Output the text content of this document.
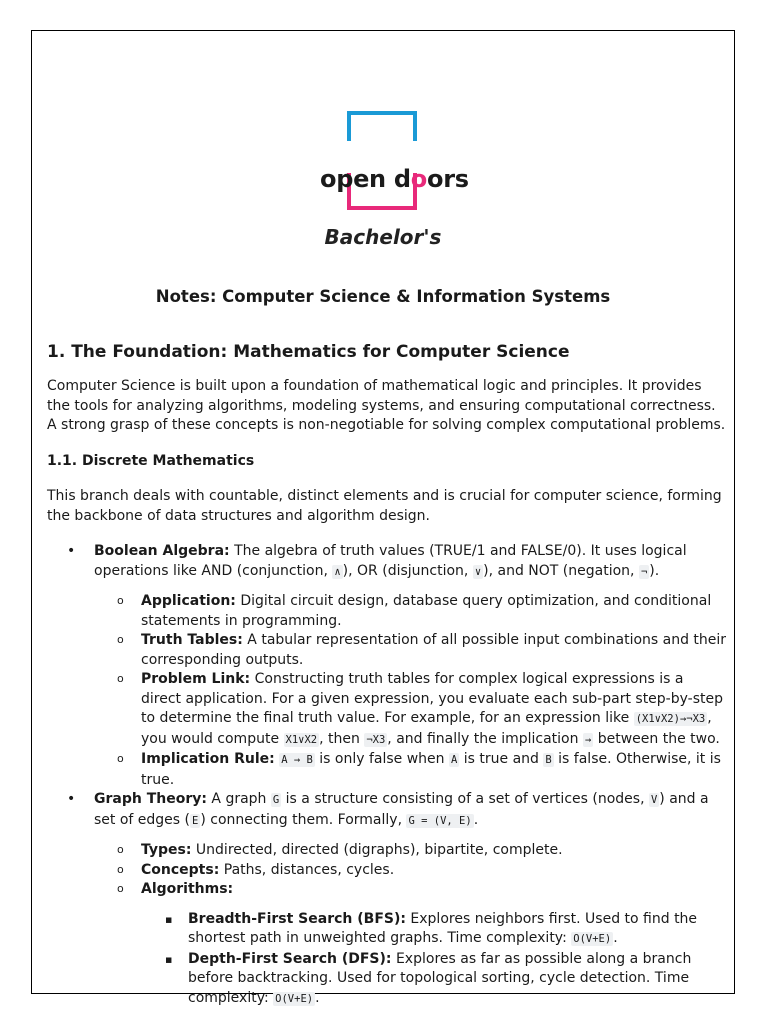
open doors
Bachelor's
Notes: Computer Science & Information Systems
1. The Foundation: Mathematics for Computer Science

Computer Science is built upon a foundation of mathematical logic and principles. It provides the tools for analyzing algorithms, modeling systems, and ensuring computational correctness. A strong grasp of these concepts is non-negotiable for solving complex computational problems.

1.1. Discrete Mathematics

This branch deals with countable, distinct elements and is crucial for computer science, forming the backbone of data structures and algorithm design.

• Boolean Algebra: The algebra of truth values (TRUE/1 and FALSE/0). It uses logical operations like AND (conjunction, ∧ ), OR (disjunction, ∨ ), and NOT (negation, ¬ ).
o Application: Digital circuit design, database query optimization, and conditional statements in programming.
o Truth Tables: A tabular representation of all possible input combinations and their corresponding outputs.
o Problem Link: Constructing truth tables for complex logical expressions is a direct application. For a given expression, you evaluate each sub-part step-by-step to determine the final truth value. For example, for an expression like (X1∨X2)→¬X3 , you would compute X1∨X2 , then ¬X3 , and finally the implication → between the two.
o Implication Rule: A → B is only false when A is true and B is false. Otherwise, it is true.
• Graph Theory: A graph G is a structure consisting of a set of vertices (nodes, V ) and a set of edges ( E ) connecting them. Formally, G = (V, E) .
o Types: Undirected, directed (digraphs), bipartite, complete.
o Concepts: Paths, distances, cycles.
o Algorithms:
▪ Breadth-First Search (BFS): Explores neighbors first. Used to find the shortest path in unweighted graphs. Time complexity: O(V+E) .
▪ Depth-First Search (DFS): Explores as far as possible along a branch before backtracking. Used for topological sorting, cycle detection. Time complexity: O(V+E) .
